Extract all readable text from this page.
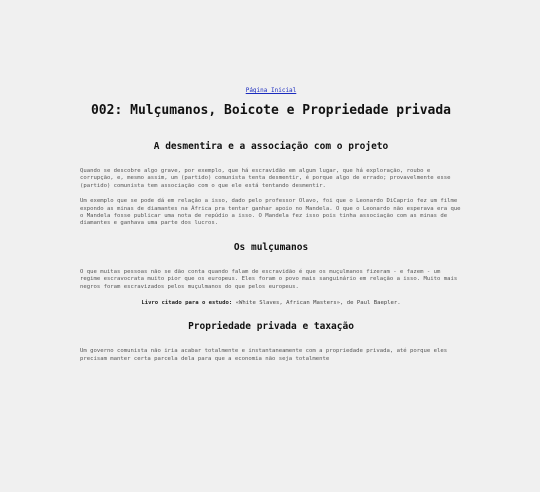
Página Inicial
002: Mulçumanos, Boicote e Propriedade privada
A desmentira e a associação com o projeto

Quando se descobre algo grave, por exemplo, que há escravidão em algum lugar, que há exploração, roubo e corrupção, e, mesmo assim, um (partido) comunista tenta desmentir, é porque algo de errado; provavelmente esse (partido) comunista tem associação com o que ele está tentando desmentir.

Um exemplo que se pode dá em relação a isso, dado pelo professor Olavo, foi que o Leonardo DiCaprio fez um filme expondo as minas de diamantes na África pra tentar ganhar apoio no Mandela. O que o Leonardo não esperava era que o Mandela fosse publicar uma nota de repúdio a isso. O Mandela fez isso pois tinha associação com as minas de diamantes e ganhava uma parte dos lucros.

Os mulçumanos

O que muitas pessoas não se dão conta quando falam de escravidão é que os muçulmanos fizeram - e fazem - um regime escravocrata muito pior que os europeus. Eles foram o povo mais sanguinário em relação a isso. Muito mais negros foram escravizados pelos muçulmanos do que pelos europeus.

Livro citado para o estudo: «White Slaves, African Masters», de Paul Baepler.

Propriedade privada e taxação

Um governo comunista não iria acabar totalmente e instantaneamente com a propriedade privada, até porque eles precisam manter certa parcela dela para que a economia não seja totalmente
